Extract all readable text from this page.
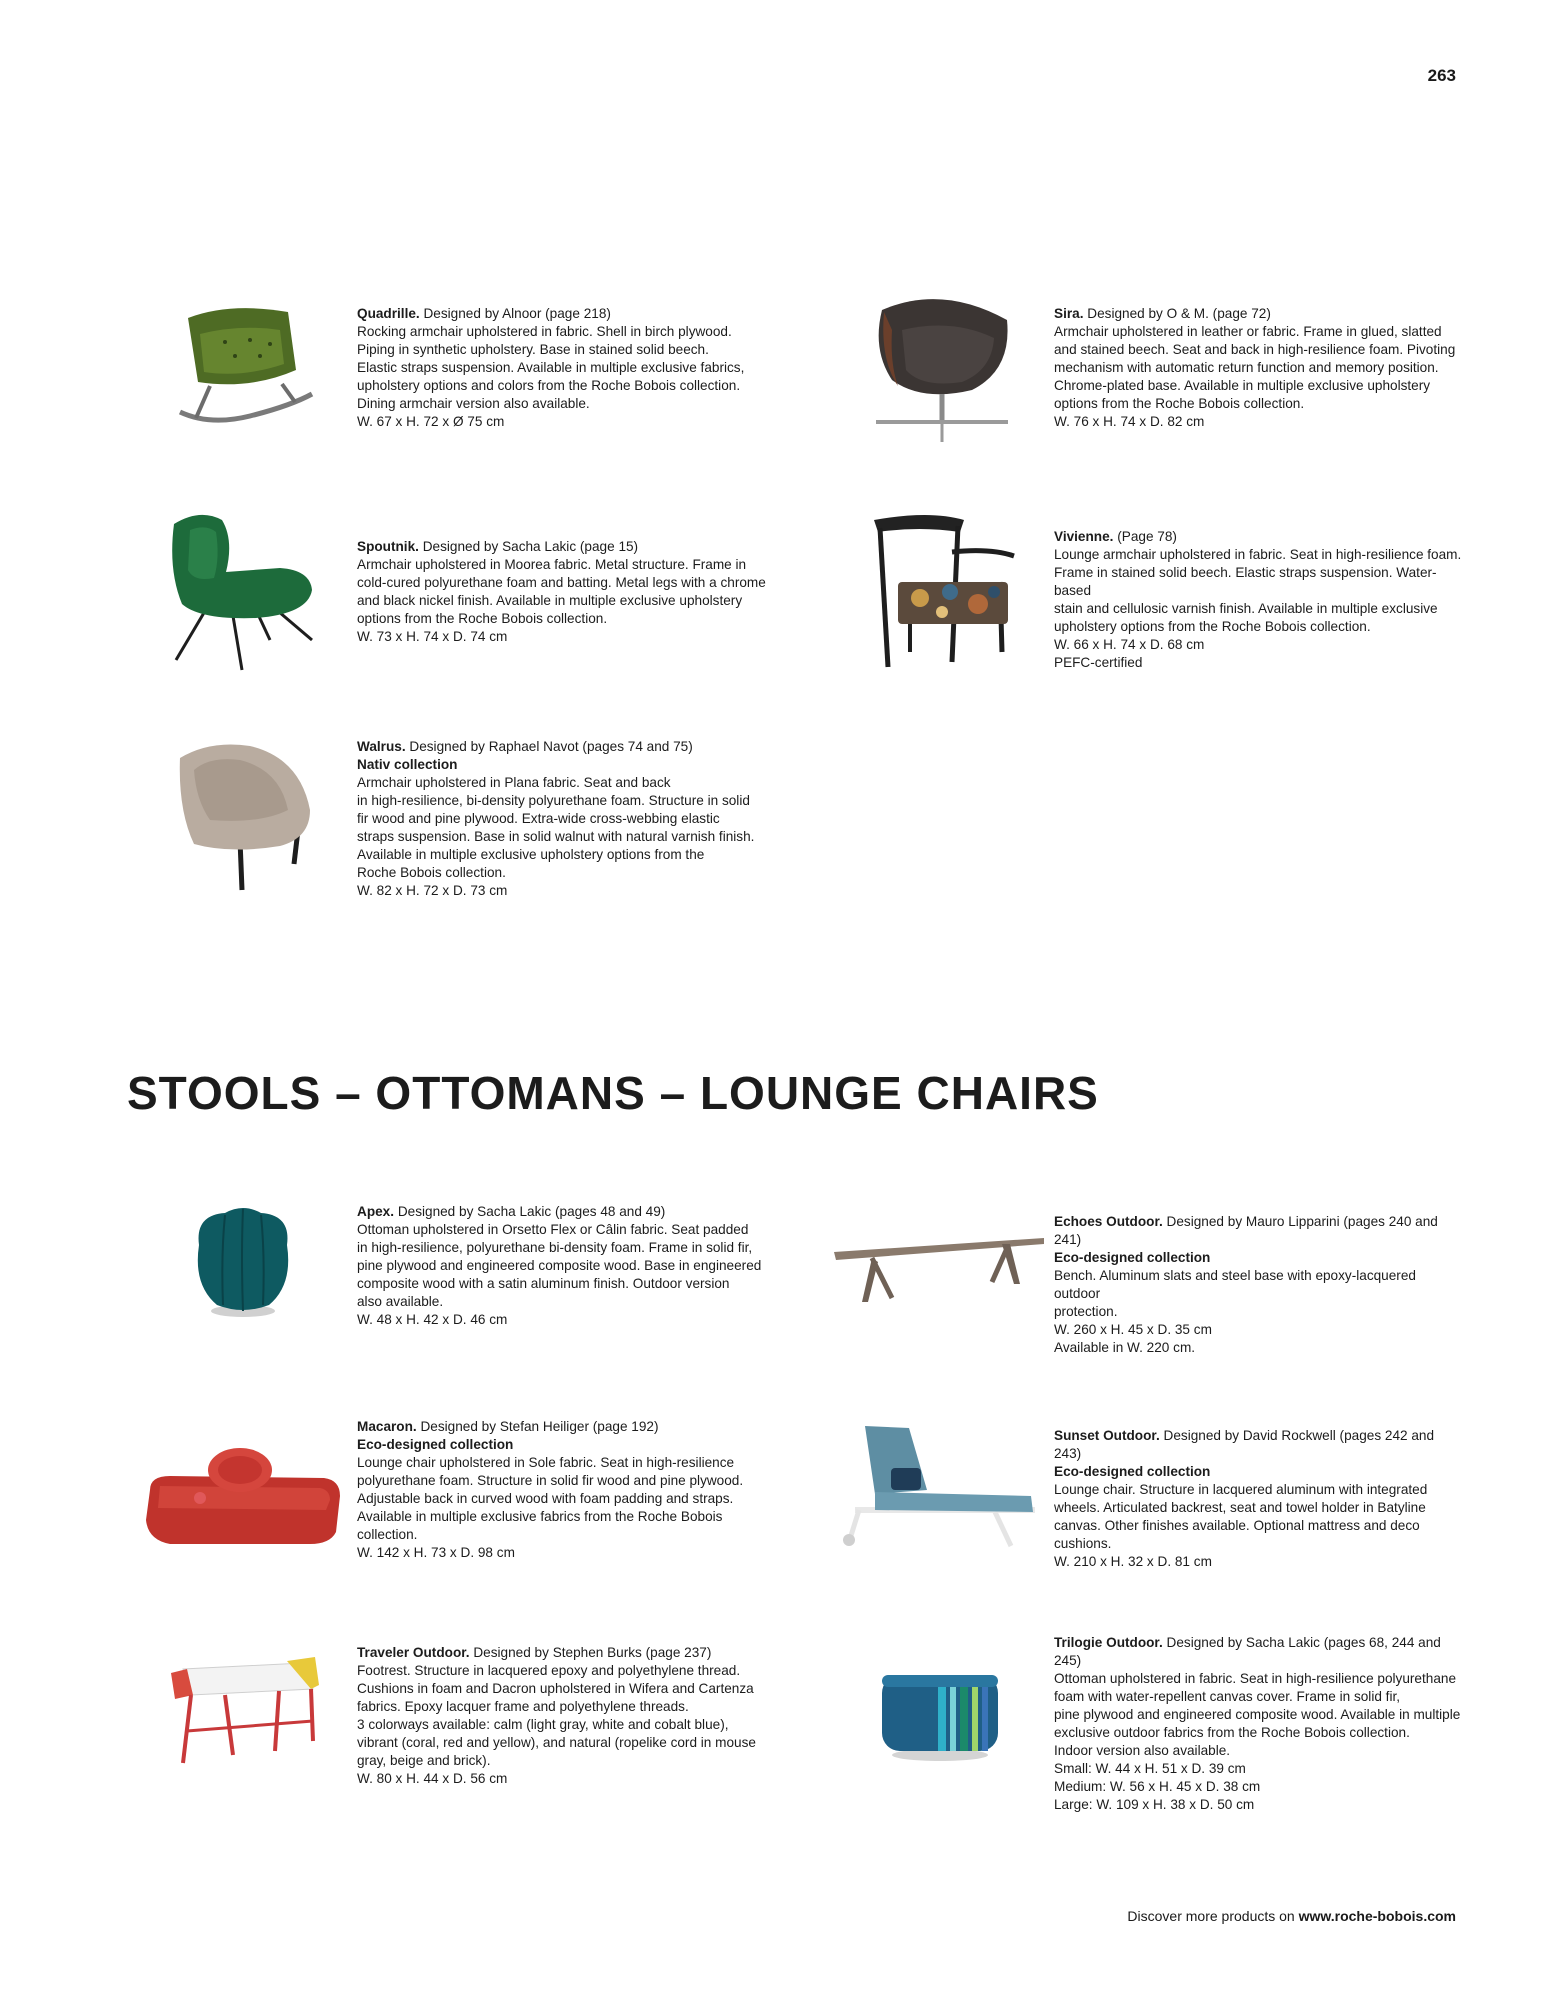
263

Quadrille. Designed by Alnoor (page 218)

Rocking armchair upholstered in fabric. Shell in birch plywood.

Piping in synthetic upholstery. Base in stained solid beech.

Elastic straps suspension. Available in multiple exclusive fabrics,

upholstery options and colors from the Roche Bobois collection.

Dining armchair version also available.

W. 67 x H. 72 x Ø 75 cm

Sira. Designed by O & M. (page 72)

Armchair upholstered in leather or fabric. Frame in glued, slatted

and stained beech. Seat and back in high-resilience foam. Pivoting

mechanism with automatic return function and memory position.

Chrome-plated base. Available in multiple exclusive upholstery

options from the Roche Bobois collection.

W. 76 x H. 74 x D. 82 cm

Spoutnik. Designed by Sacha Lakic (page 15)

Armchair upholstered in Moorea fabric. Metal structure. Frame in

cold-cured polyurethane foam and batting. Metal legs with a chrome

and black nickel finish. Available in multiple exclusive upholstery

options from the Roche Bobois collection.

W. 73 x H. 74 x D. 74 cm

Vivienne. (Page 78)

Lounge armchair upholstered in fabric. Seat in high-resilience foam.

Frame in stained solid beech. Elastic straps suspension. Water-based

stain and cellulosic varnish finish. Available in multiple exclusive

upholstery options from the Roche Bobois collection.

W. 66 x H. 74 x D. 68 cm

PEFC-certified

Walrus. Designed by Raphael Navot (pages 74 and 75)

Nativ collection

Armchair upholstered in Plana fabric. Seat and back

in high-resilience, bi-density polyurethane foam. Structure in solid

fir wood and pine plywood. Extra-wide cross-webbing elastic

straps suspension. Base in solid walnut with natural varnish finish.

Available in multiple exclusive upholstery options from the

Roche Bobois collection.

W. 82 x H. 72 x D. 73 cm

STOOLS – OTTOMANS – LOUNGE CHAIRS

Apex. Designed by Sacha Lakic (pages 48 and 49)

Ottoman upholstered in Orsetto Flex or Câlin fabric. Seat padded

in high-resilience, polyurethane bi-density foam. Frame in solid fir,

pine plywood and engineered composite wood. Base in engineered

composite wood with a satin aluminum finish. Outdoor version

also available.

W. 48 x H. 42 x D. 46 cm

Echoes Outdoor. Designed by Mauro Lipparini (pages 240 and 241)

Eco-designed collection

Bench. Aluminum slats and steel base with epoxy-lacquered outdoor

protection.

W. 260 x H. 45 x D. 35 cm

Available in W. 220 cm.

Macaron. Designed by Stefan Heiliger (page 192)

Eco-designed collection

Lounge chair upholstered in Sole fabric. Seat in high-resilience

polyurethane foam. Structure in solid fir wood and pine plywood.

Adjustable back in curved wood with foam padding and straps.

Available in multiple exclusive fabrics from the Roche Bobois

collection.

W. 142 x H. 73 x D. 98 cm

Sunset Outdoor. Designed by David Rockwell (pages 242 and 243)

Eco-designed collection

Lounge chair. Structure in lacquered aluminum with integrated

wheels. Articulated backrest, seat and towel holder in Batyline

canvas. Other finishes available. Optional mattress and deco

cushions.

W. 210 x H. 32 x D. 81 cm

Traveler Outdoor. Designed by Stephen Burks (page 237)

Footrest. Structure in lacquered epoxy and polyethylene thread.

Cushions in foam and Dacron upholstered in Wifera and Cartenza

fabrics. Epoxy lacquer frame and polyethylene threads.

3 colorways available: calm (light gray, white and cobalt blue),

vibrant (coral, red and yellow), and natural (ropelike cord in mouse

gray, beige and brick).

W. 80 x H. 44 x D. 56 cm

Trilogie Outdoor. Designed by Sacha Lakic (pages 68, 244 and 245)

Ottoman upholstered in fabric. Seat in high-resilience polyurethane

foam with water-repellent canvas cover. Frame in solid fir,

pine plywood and engineered composite wood. Available in multiple

exclusive outdoor fabrics from the Roche Bobois collection.

Indoor version also available.

Small: W. 44 x H. 51 x D. 39 cm

Medium: W. 56 x H. 45 x D. 38 cm

Large: W. 109 x H. 38 x D. 50 cm

Discover more products on www.roche-bobois.com
